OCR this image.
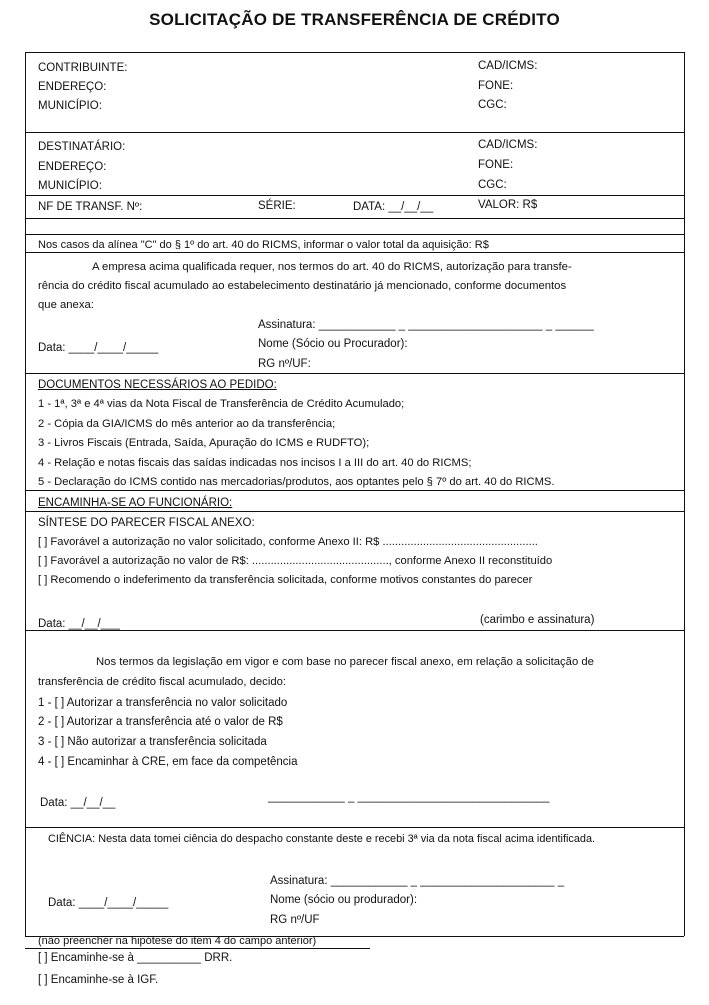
SOLICITAÇÃO DE TRANSFERÊNCIA DE CRÉDITO
CONTRIBUINTE:
ENDEREÇO:
MUNICÍPIO:
CAD/ICMS:
FONE:
CGC:
DESTINATÁRIO:
ENDEREÇO:
MUNICÍPIO:
CAD/ICMS:
FONE:
CGC:
NF DE TRANSF. Nº:	SÉRIE:	DATA: __/__/__	VALOR: R$
Nos casos da alínea "C" do § 1º do art. 40 do RICMS, informar o valor total da aquisição: R$
A empresa acima qualificada requer, nos termos do art. 40 do RICMS, autorização para transfe-
rência do crédito fiscal acumulado ao estabelecimento destinatário já mencionado, conforme documentos
que anexa:
Assinatura: ____________ _ _____________________ _ ______
Data: ____/____/_____	Nome (Sócio ou Procurador):
RG nº/UF:
DOCUMENTOS NECESSÁRIOS AO PEDIDO:
1 - 1ª, 3ª e 4ª vias da Nota Fiscal de Transferência de Crédito Acumulado;
2 - Cópia da GIA/ICMS do mês anterior ao da transferência;
3 - Livros Fiscais (Entrada, Saída, Apuração do ICMS e RUDFTO);
4 - Relação e notas fiscais das saídas indicadas nos incisos I a III do art. 40 do RICMS;
5 - Declaração do ICMS contido nas mercadorias/produtos, aos optantes pelo § 7º do art. 40 do RICMS.
ENCAMINHA-SE AO FUNCIONÁRIO:
SÍNTESE DO PARECER FISCAL ANEXO:
[ ] Favorável a autorização no valor solicitado, conforme Anexo II: R$ ..................................................
[ ] Favorável a autorização no valor de R$: ............................................, conforme Anexo II reconstituído
[ ] Recomendo o indeferimento da transferência solicitada, conforme motivos constantes do parecer
Data: __/__/___	(carimbo e assinatura)
Nos termos da legislação em vigor e com base no parecer fiscal anexo, em relação a solicitação de
transferência de crédito fiscal acumulado, decido:
1 - [ ] Autorizar a transferência no valor solicitado
2 - [ ] Autorizar a transferência até o valor de R$
3 - [ ] Não autorizar a transferência solicitada
4 - [ ] Encaminhar à CRE, em face da competência
Data: __/__/__	____________ _ ______________________________
CIÊNCIA: Nesta data tomei ciência do despacho constante deste e recebi 3ª via da nota fiscal acima identificada.
Assinatura: ____________ _ _____________________ _
Data: ____/____/_____	Nome (sócio ou produrador):
RG nº/UF
(não preencher na hipótese do item 4 do campo anterior)
[ ] Encaminhe-se à __________ DRR.
[ ] Encaminhe-se à IGF.
